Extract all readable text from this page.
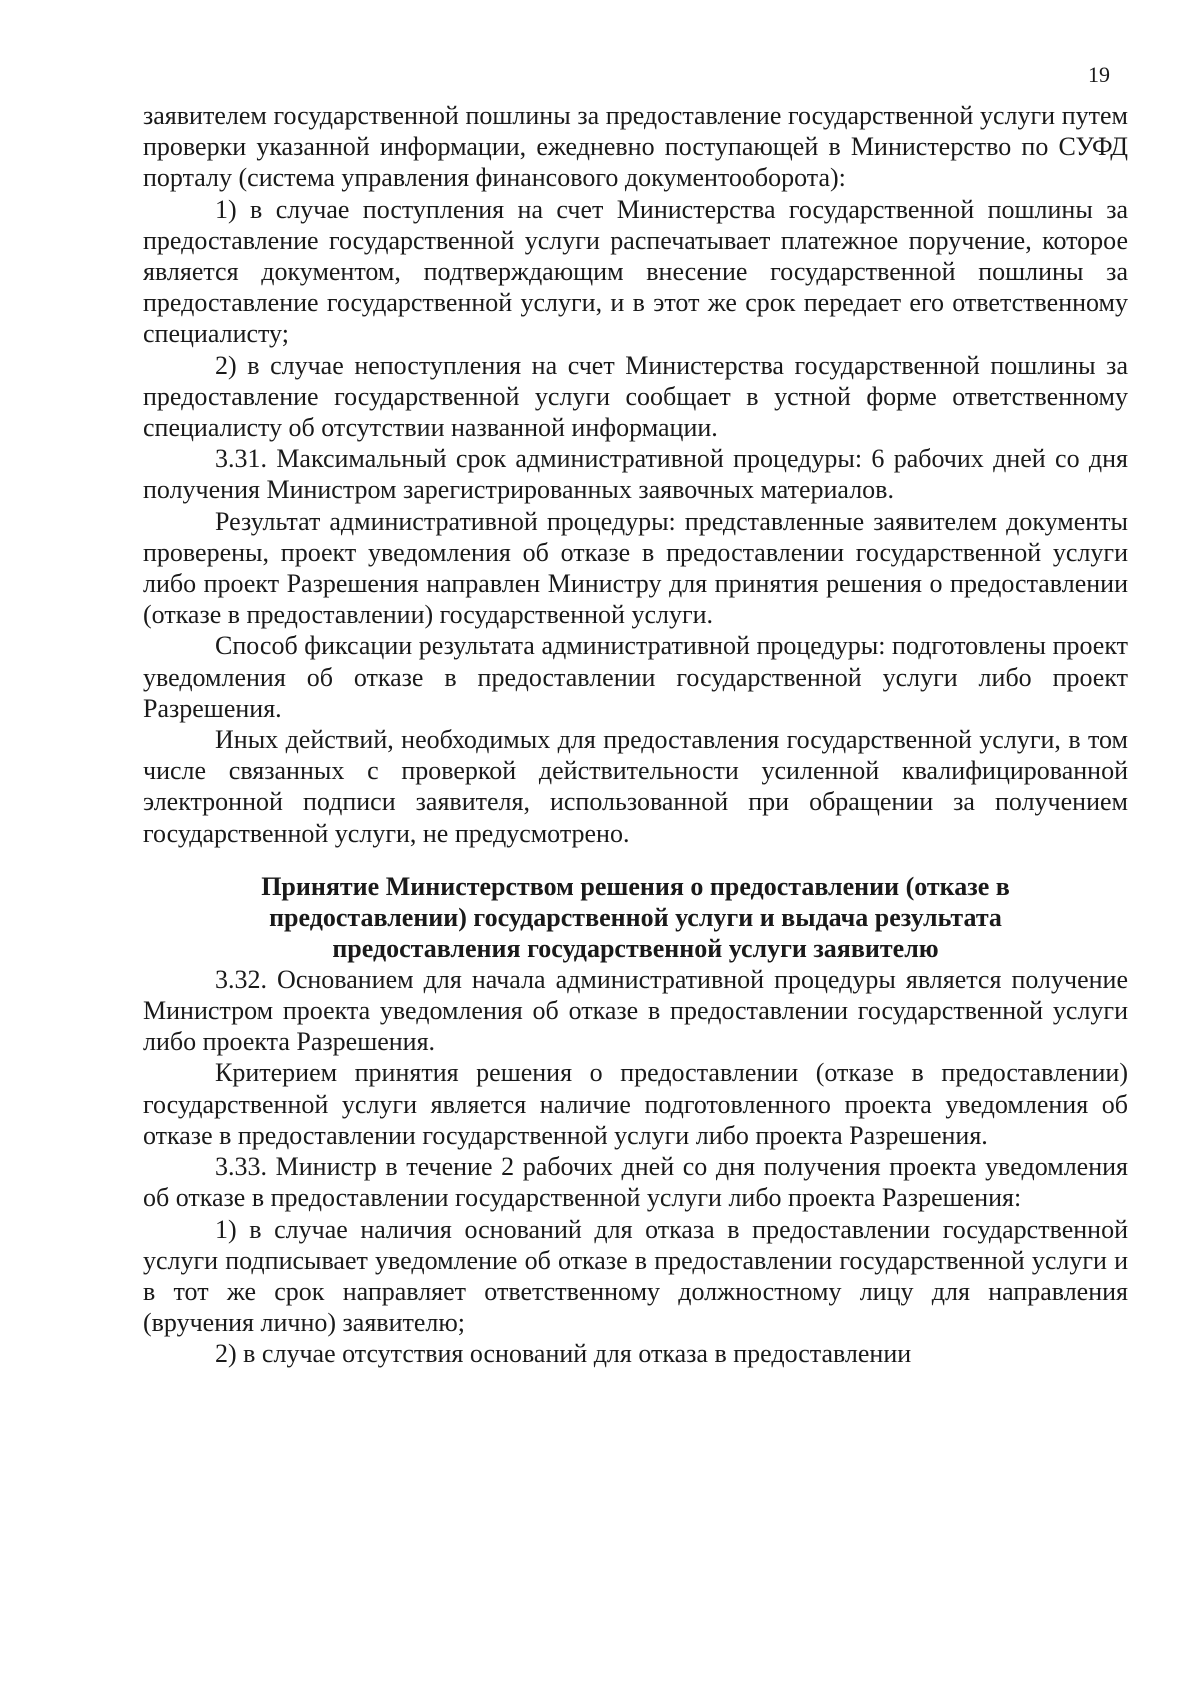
19

заявителем государственной пошлины за предоставление государственной услуги путем проверки указанной информации, ежедневно поступающей в Министерство по СУФД порталу (система управления финансового документооборота):

1) в случае поступления на счет Министерства государственной пошлины за предоставление государственной услуги распечатывает платежное поручение, которое является документом, подтверждающим внесение государственной пошлины за предоставление государственной услуги, и в этот же срок передает его ответственному специалисту;

2) в случае непоступления на счет Министерства государственной пошлины за предоставление государственной услуги сообщает в устной форме ответственному специалисту об отсутствии названной информации.

3.31. Максимальный срок административной процедуры: 6 рабочих дней со дня получения Министром зарегистрированных заявочных материалов.

Результат административной процедуры: представленные заявителем документы проверены, проект уведомления об отказе в предоставлении государственной услуги либо проект Разрешения направлен Министру для принятия решения о предоставлении (отказе в предоставлении) государственной услуги.

Способ фиксации результата административной процедуры: подготовлены проект уведомления об отказе в предоставлении государственной услуги либо проект Разрешения.

Иных действий, необходимых для предоставления государственной услуги, в том числе связанных с проверкой действительности усиленной квалифицированной электронной подписи заявителя, использованной при обращении за получением государственной услуги, не предусмотрено.

Принятие Министерством решения о предоставлении (отказе в
предоставлении) государственной услуги и выдача результата
предоставления государственной услуги заявителю

3.32. Основанием для начала административной процедуры является получение Министром проекта уведомления об отказе в предоставлении государственной услуги либо проекта Разрешения.

Критерием принятия решения о предоставлении (отказе в предоставлении) государственной услуги является наличие подготовленного проекта уведомления об отказе в предоставлении государственной услуги либо проекта Разрешения.

3.33. Министр в течение 2 рабочих дней со дня получения проекта уведомления об отказе в предоставлении государственной услуги либо проекта Разрешения:

1) в случае наличия оснований для отказа в предоставлении государственной услуги подписывает уведомление об отказе в предоставлении государственной услуги и в тот же срок направляет ответственному должностному лицу для направления (вручения лично) заявителю;

2) в случае отсутствия оснований для отказа в предоставлении
